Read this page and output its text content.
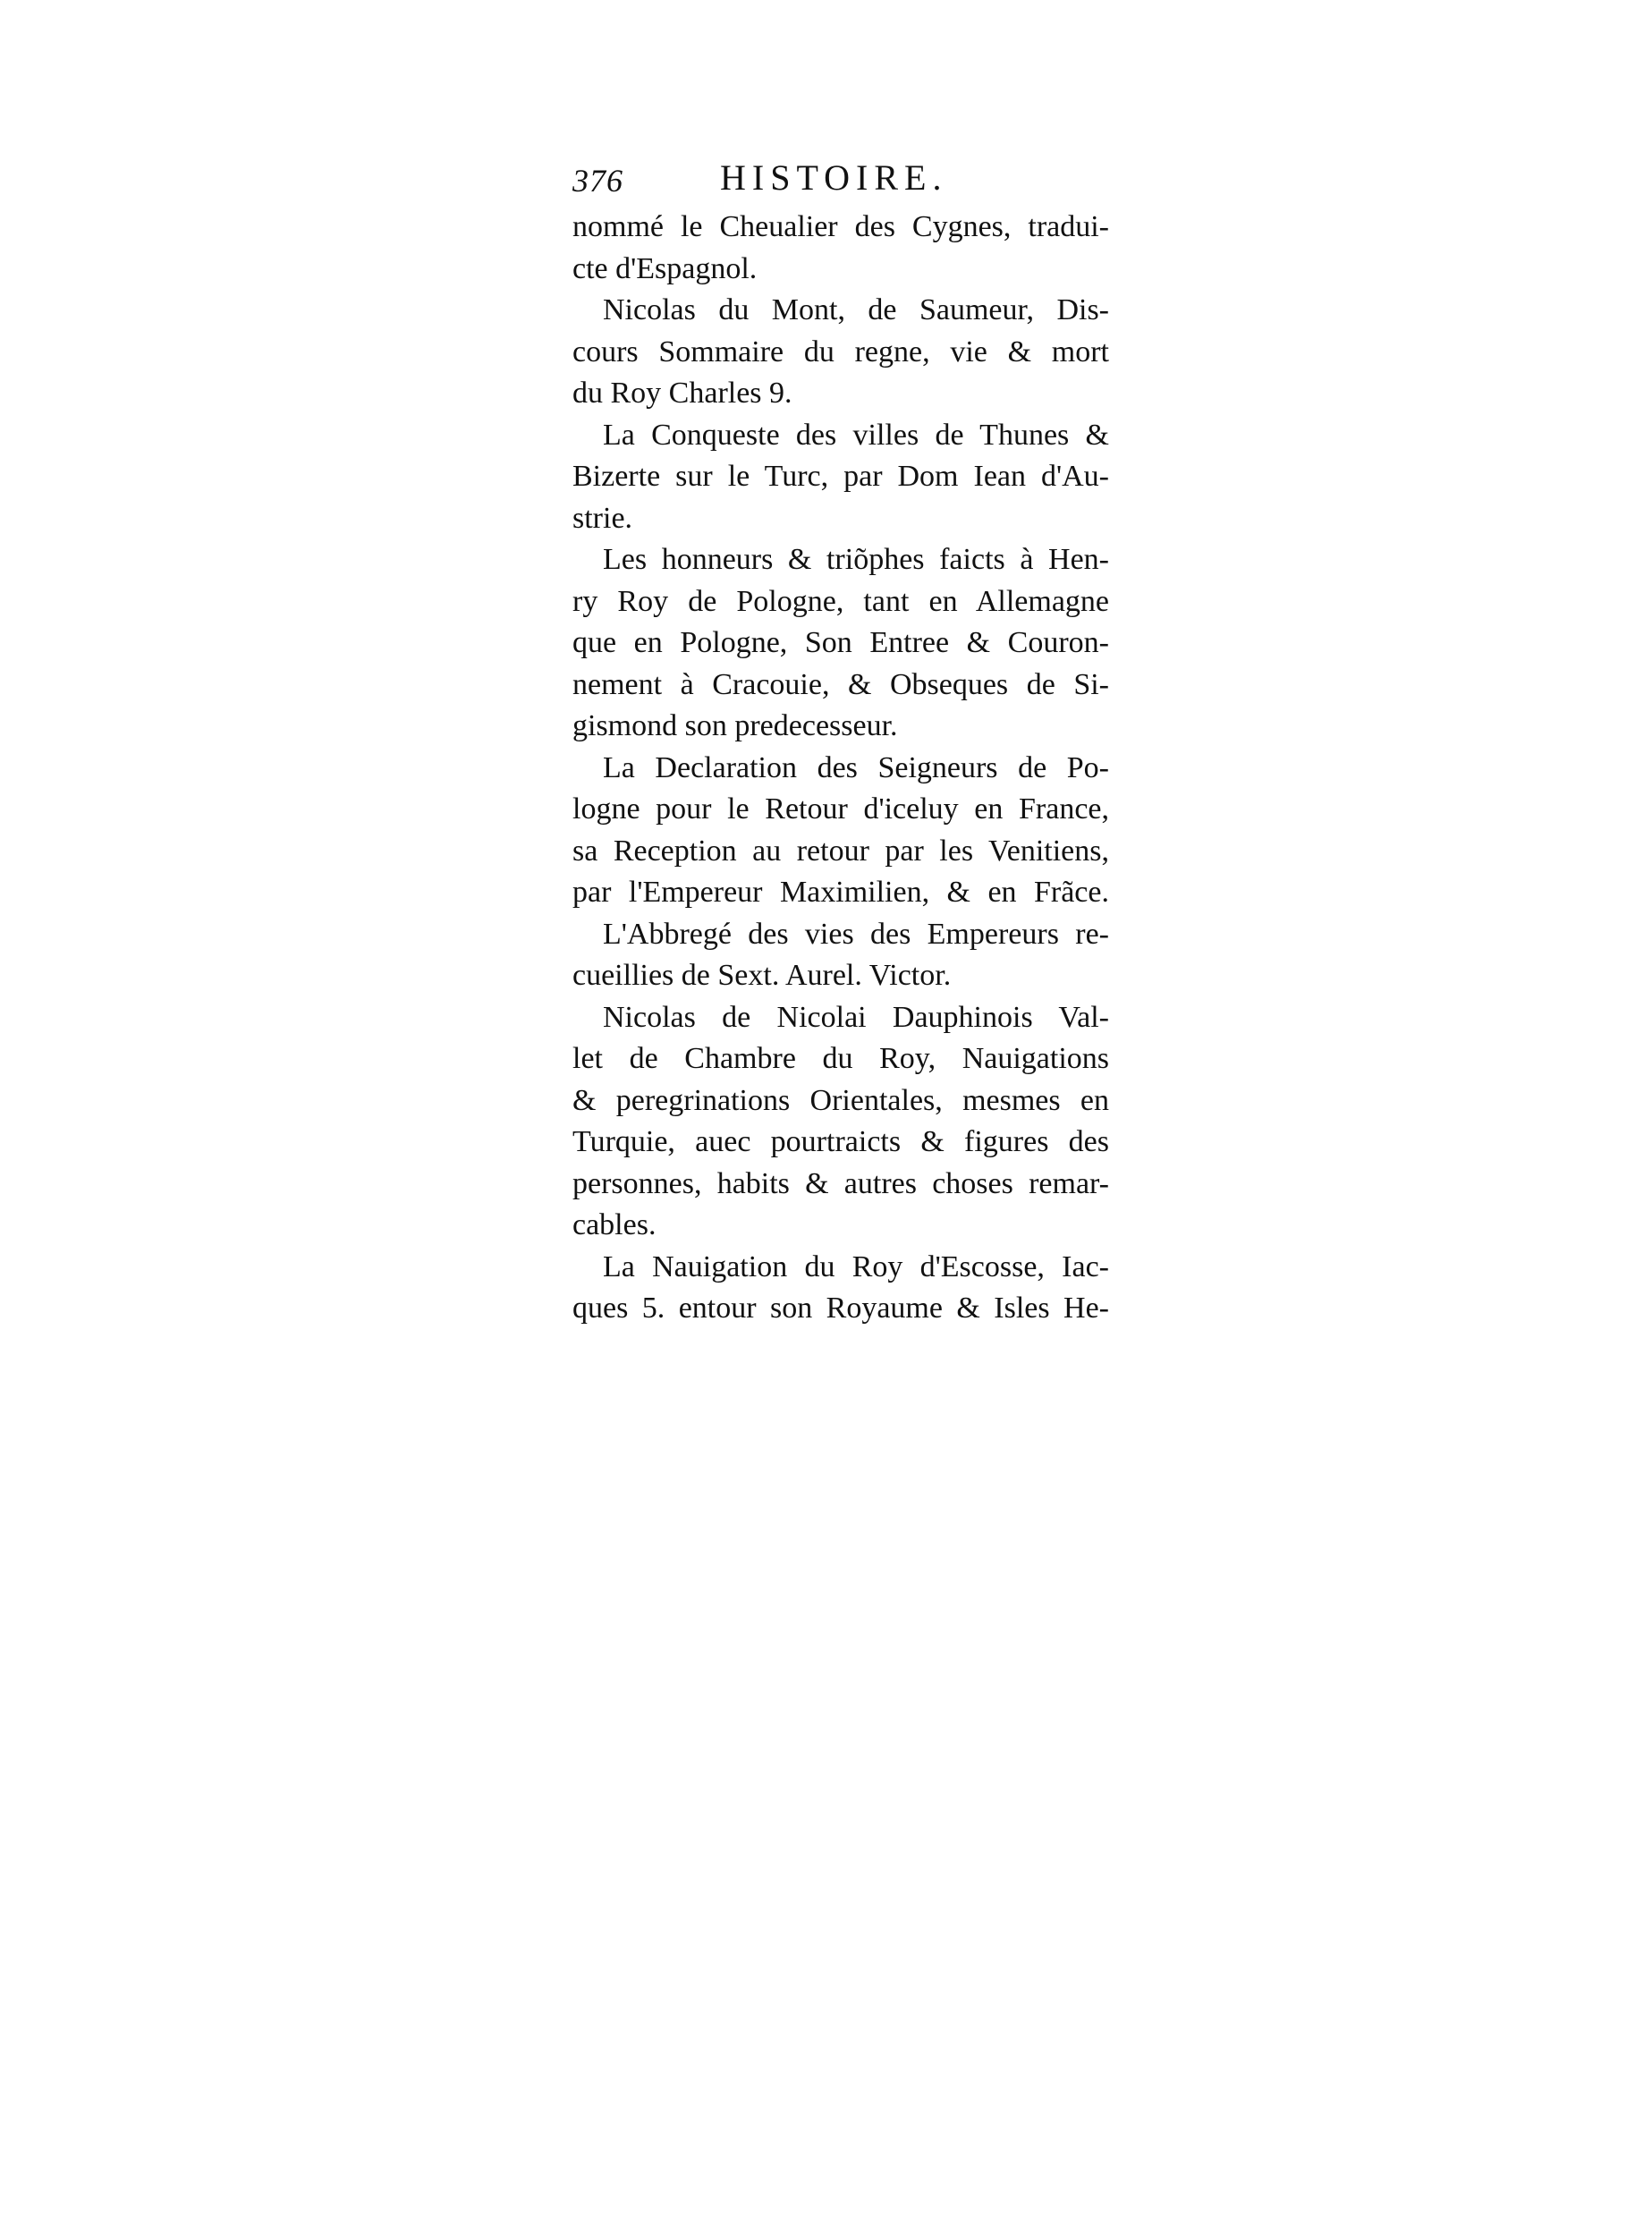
376	HISTOIRE.
nommé le Cheualier des Cygnes, tradui-
cte d'Espagnol.
Nicolas du Mont, de Saumeur, Dis-
cours Sommaire du regne, vie & mort
du Roy Charles 9.
La Conqueste des villes de Thunes &
Bizerte sur le Turc, par Dom Iean d'Au-
strie.
Les honneurs & triõphes faicts à Hen-
ry Roy de Pologne, tant en Allemagne
que en Pologne, Son Entree & Couron-
nement à Cracouie, & Obseques de Si-
gismond son predecesseur.
La Declaration des Seigneurs de Po-
logne pour le Retour d'iceluy en France,
sa Reception au retour par les Venitiens,
par l'Empereur Maximilien, & en Frãce.
L'Abbregé des vies des Empereurs re-
cueillies de Sext. Aurel. Victor.
Nicolas de Nicolai Dauphinois Val-
let de Chambre du Roy, Nauigations
& peregrinations Orientales, mesmes en
Turquie, auec pourtraicts & figures des
personnes, habits & autres choses remar-
cables.
La Nauigation du Roy d'Escosse, Iac-
ques 5. entour son Royaume & Isles He-
